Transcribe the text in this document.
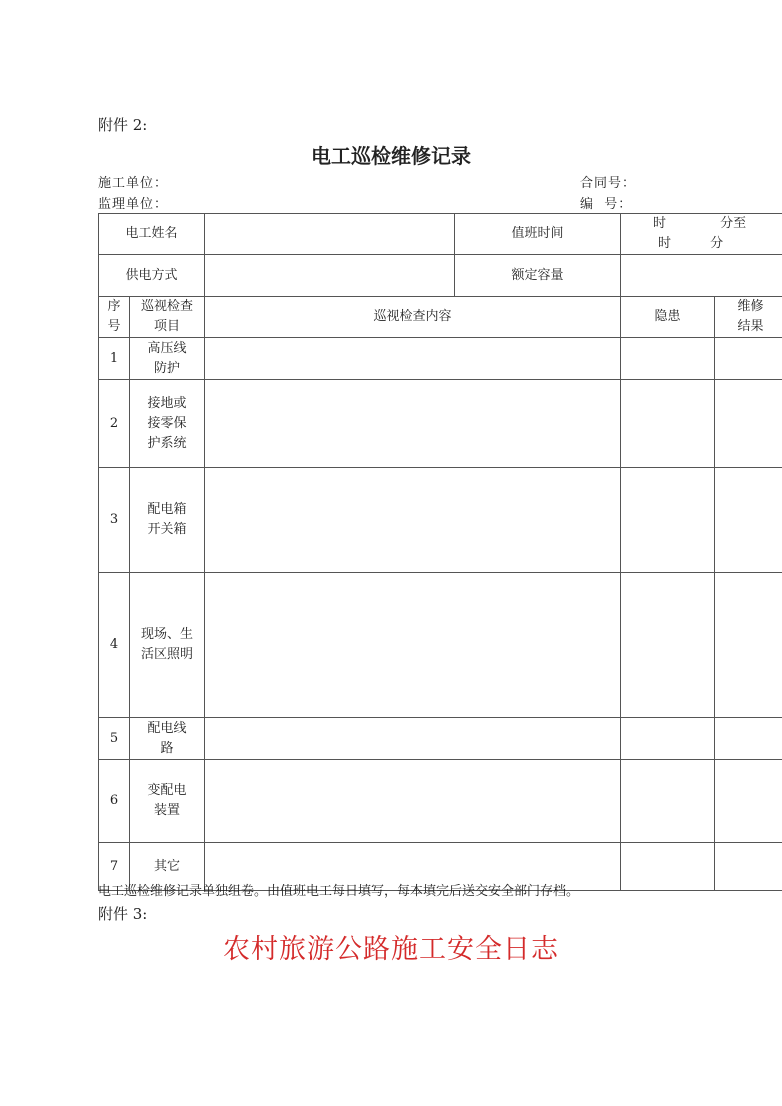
附件 2:
电工巡检维修记录
施工单位：	合同号：
监理单位：	编  号：
电工姓名			值班时间	时 分至 时 分	
供电方式			额定容量		

序号	巡视检查项目	巡视检查内容		隐患	维修结果

1	高压线防护				

2	接地或接零保护系统				

3	配电箱开关箱				

4	现场、生活区照明				

5	配电线路				

6	变配电装置				

7	其它				
电工巡检维修记录单独组卷。由值班电工每日填写，每本填完后送交安全部门存档。
附件 3:
农村旅游公路施工安全日志
